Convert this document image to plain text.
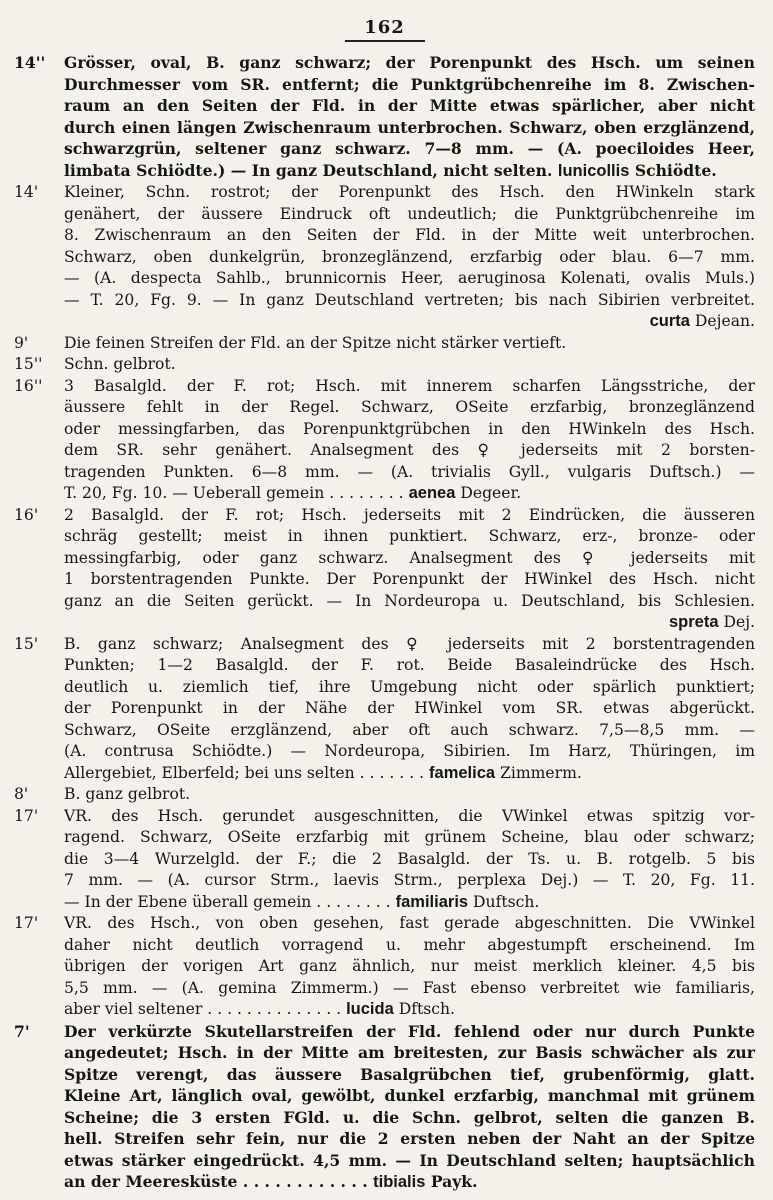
162
14''	Grösser, oval, B. ganz schwarz; der Porenpunkt des Hsch. um seinen
Durchmesser vom SR. entfernt; die Punktgrübchenreihe im 8. Zwischen-
raum an den Seiten der Fld. in der Mitte etwas spärlicher, aber nicht
durch einen längen Zwischenraum unterbrochen. Schwarz, oben erzglänzend,
schwarzgrün, seltener ganz schwarz. 7—8 mm. — (A. poeciloides Heer,
limbata Schiödte.) — In ganz Deutschland, nicht selten. lunicollis Schiödte.
14'	Kleiner, Schn. rostrot; der Porenpunkt des Hsch. den HWinkeln stark
genähert, der äussere Eindruck oft undeutlich; die Punktgrübchenreihe im
8. Zwischenraum an den Seiten der Fld. in der Mitte weit unterbrochen.
Schwarz, oben dunkelgrün, bronzeglänzend, erzfarbig oder blau. 6—7 mm.
— (A. despecta Sahlb., brunnicornis Heer, aeruginosa Kolenati, ovalis Muls.)
— T. 20, Fg. 9. — In ganz Deutschland vertreten; bis nach Sibirien verbreitet.
curta Dejean.
9'	Die feinen Streifen der Fld. an der Spitze nicht stärker vertieft.
15''	Schn. gelbrot.
16''	3 Basalgld. der F. rot; Hsch. mit innerem scharfen Längsstriche, der
äussere fehlt in der Regel. Schwarz, OSeite erzfarbig, bronzeglänzend
oder messingfarben, das Porenpunktgrübchen in den HWinkeln des Hsch.
dem SR. sehr genähert. Analsegment des ♀ jederseits mit 2 borsten-
tragenden Punkten. 6—8 mm. — (A. trivialis Gyll., vulgaris Duftsch.) —
T. 20, Fg. 10. — Ueberall gemein . . . . . . . . aenea Degeer.
16'	2 Basalgld. der F. rot; Hsch. jederseits mit 2 Eindrücken, die äusseren
schräg gestellt; meist in ihnen punktiert. Schwarz, erz-, bronze- oder
messingfarbig, oder ganz schwarz. Analsegment des ♀ jederseits mit
1 borstentragenden Punkte. Der Porenpunkt der HWinkel des Hsch. nicht
ganz an die Seiten gerückt. — In Nordeuropa u. Deutschland, bis Schlesien.
spreta Dej.
15'	B. ganz schwarz; Analsegment des ♀ jederseits mit 2 borstentragenden
Punkten; 1—2 Basalgld. der F. rot. Beide Basaleindrücke des Hsch.
deutlich u. ziemlich tief, ihre Umgebung nicht oder spärlich punktiert;
der Porenpunkt in der Nähe der HWinkel vom SR. etwas abgerückt.
Schwarz, OSeite erzglänzend, aber oft auch schwarz. 7,5—8,5 mm. —
(A. contrusa Schiödte.) — Nordeuropa, Sibirien. Im Harz, Thüringen, im
Allergebiet, Elberfeld; bei uns selten . . . . . . . famelica Zimmerm.
8'	B. ganz gelbrot.
17'	VR. des Hsch. gerundet ausgeschnitten, die VWinkel etwas spitzig vor-
ragend. Schwarz, OSeite erzfarbig mit grünem Scheine, blau oder schwarz;
die 3—4 Wurzelgld. der F.; die 2 Basalgld. der Ts. u. B. rotgelb. 5 bis
7 mm. — (A. cursor Strm., laevis Strm., perplexa Dej.) — T. 20, Fg. 11.
— In der Ebene überall gemein . . . . . . . . familiaris Duftsch.
17'	VR. des Hsch., von oben gesehen, fast gerade abgeschnitten. Die VWinkel
daher nicht deutlich vorragend u. mehr abgestumpft erscheinend. Im
übrigen der vorigen Art ganz ähnlich, nur meist merklich kleiner. 4,5 bis
5,5 mm. — (A. gemina Zimmerm.) — Fast ebenso verbreitet wie familiaris,
aber viel seltener . . . . . . . . . . . . . . lucida Dftsch.
7'	Der verkürzte Skutellarstreifen der Fld. fehlend oder nur durch Punkte
angedeutet; Hsch. in der Mitte am breitesten, zur Basis schwächer als zur
Spitze verengt, das äussere Basalgrübchen tief, grubenförmig, glatt.
Kleine Art, länglich oval, gewölbt, dunkel erzfarbig, manchmal mit grünem
Scheine; die 3 ersten FGld. u. die Schn. gelbrot, selten die ganzen B.
hell. Streifen sehr fein, nur die 2 ersten neben der Naht an der Spitze
etwas stärker eingedrückt. 4,5 mm. — In Deutschland selten; hauptsächlich
an der Meeresküste . . . . . . . . . . . . tibialis Payk.
